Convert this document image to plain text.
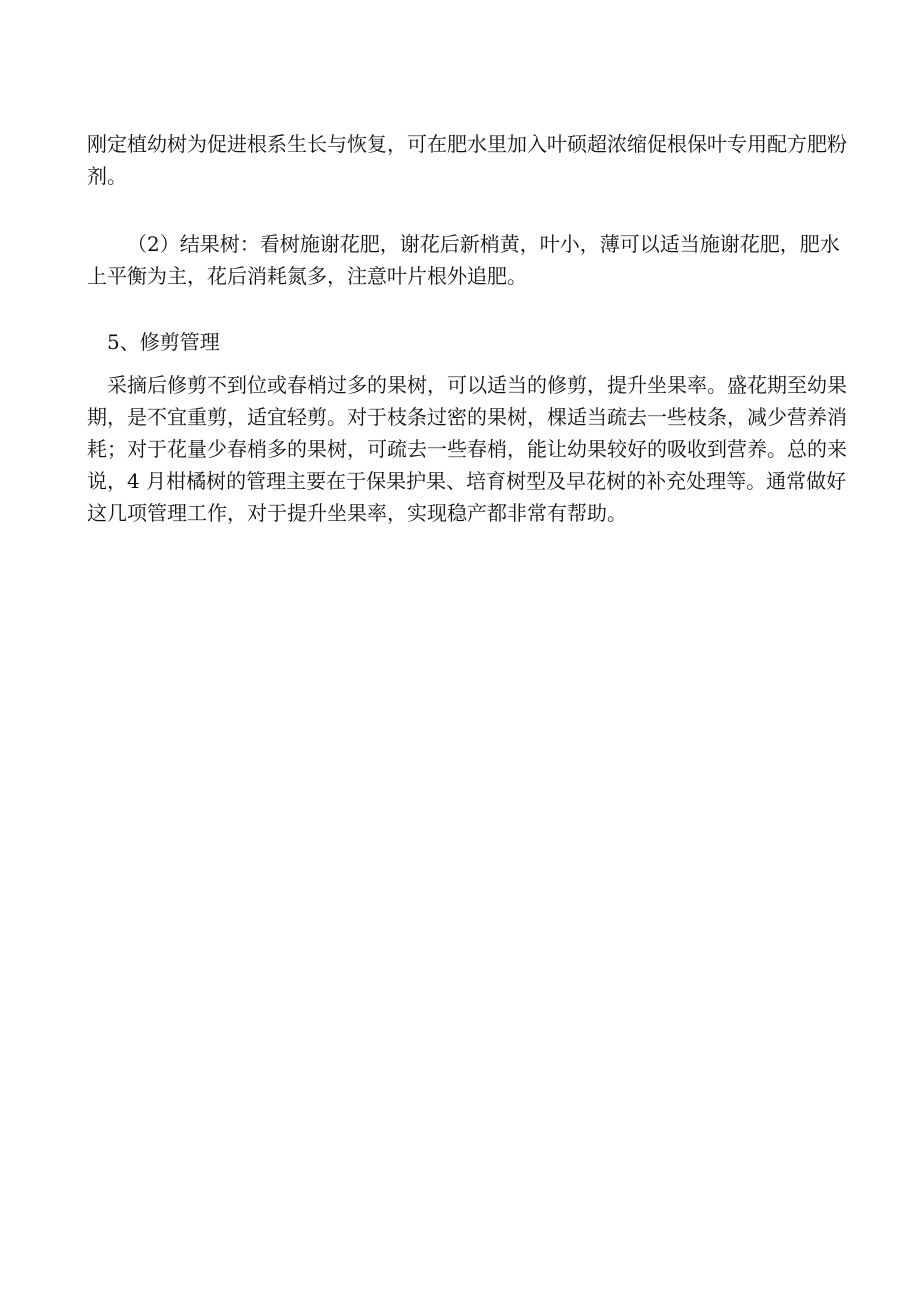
刚定植幼树为促进根系生长与恢复，可在肥水里加入叶硕超浓缩促根保叶专用配方肥粉剂。

（2）结果树：看树施谢花肥，谢花后新梢黄，叶小，薄可以适当施谢花肥，肥水上平衡为主，花后消耗氮多，注意叶片根外追肥。

5、修剪管理

采摘后修剪不到位或春梢过多的果树，可以适当的修剪，提升坐果率。盛花期至幼果期，是不宜重剪，适宜轻剪。对于枝条过密的果树，棵适当疏去一些枝条，减少营养消耗；对于花量少春梢多的果树，可疏去一些春梢，能让幼果较好的吸收到营养。总的来说，4 月柑橘树的管理主要在于保果护果、培育树型及早花树的补充处理等。通常做好这几项管理工作，对于提升坐果率，实现稳产都非常有帮助。
